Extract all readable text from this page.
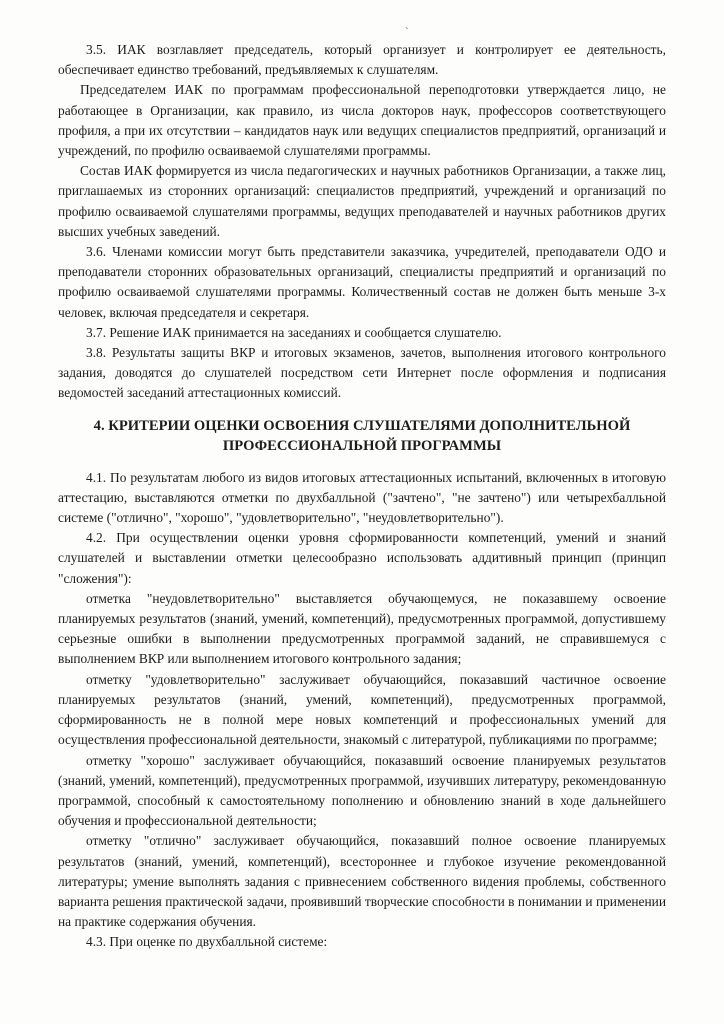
`

3.5. ИАК возглавляет председатель, который организует и контролирует ее деятельность, обеспечивает единство требований, предъявляемых к слушателям.

Председателем ИАК по программам профессиональной переподготовки утверждается лицо, не работающее в Организации, как правило, из числа докторов наук, профессоров соответствующего профиля, а при их отсутствии – кандидатов наук или ведущих специалистов предприятий, организаций и учреждений, по профилю осваиваемой слушателями программы.

Состав ИАК формируется из числа педагогических и научных работников Организации, а также лиц, приглашаемых из сторонних организаций: специалистов предприятий, учреждений и организаций по профилю осваиваемой слушателями программы, ведущих преподавателей и научных работников других высших учебных заведений.

3.6. Членами комиссии могут быть представители заказчика, учредителей, преподаватели ОДО и преподаватели сторонних образовательных организаций, специалисты предприятий и организаций по профилю осваиваемой слушателями программы. Количественный состав не должен быть меньше 3-х человек, включая председателя и секретаря.

3.7. Решение ИАК принимается на заседаниях и сообщается слушателю.

3.8. Результаты защиты ВКР и итоговых экзаменов, зачетов, выполнения итогового контрольного задания, доводятся до слушателей посредством сети Интернет после оформления и подписания ведомостей заседаний аттестационных комиссий.

4. КРИТЕРИИ ОЦЕНКИ ОСВОЕНИЯ СЛУШАТЕЛЯМИ ДОПОЛНИТЕЛЬНОЙ
ПРОФЕССИОНАЛЬНОЙ ПРОГРАММЫ

4.1. По результатам любого из видов итоговых аттестационных испытаний, включенных в итоговую аттестацию, выставляются отметки по двухбалльной ("зачтено", "не зачтено") или четырехбалльной системе ("отлично", "хорошо", "удовлетворительно", "неудовлетворительно").

4.2. При осуществлении оценки уровня сформированности компетенций, умений и знаний слушателей и выставлении отметки целесообразно использовать аддитивный принцип (принцип "сложения"):

отметка "неудовлетворительно" выставляется обучающемуся, не показавшему освоение планируемых результатов (знаний, умений, компетенций), предусмотренных программой, допустившему серьезные ошибки в выполнении предусмотренных программой заданий, не справившемуся с выполнением ВКР или выполнением итогового контрольного задания;

отметку "удовлетворительно" заслуживает обучающийся, показавший частичное освоение планируемых результатов (знаний, умений, компетенций), предусмотренных программой, сформированность не в полной мере новых компетенций и профессиональных умений для осуществления профессиональной деятельности, знакомый с литературой, публикациями по программе;

отметку "хорошо" заслуживает обучающийся, показавший освоение планируемых результатов (знаний, умений, компетенций), предусмотренных программой, изучивших литературу, рекомендованную программой, способный к самостоятельному пополнению и обновлению знаний в ходе дальнейшего обучения и профессиональной деятельности;

отметку "отлично" заслуживает обучающийся, показавший полное освоение планируемых результатов (знаний, умений, компетенций), всестороннее и глубокое изучение рекомендованной литературы; умение выполнять задания с привнесением собственного видения проблемы, собственного варианта решения практической задачи, проявивший творческие способности в понимании и применении на практике содержания обучения.

4.3. При оценке по двухбалльной системе:
